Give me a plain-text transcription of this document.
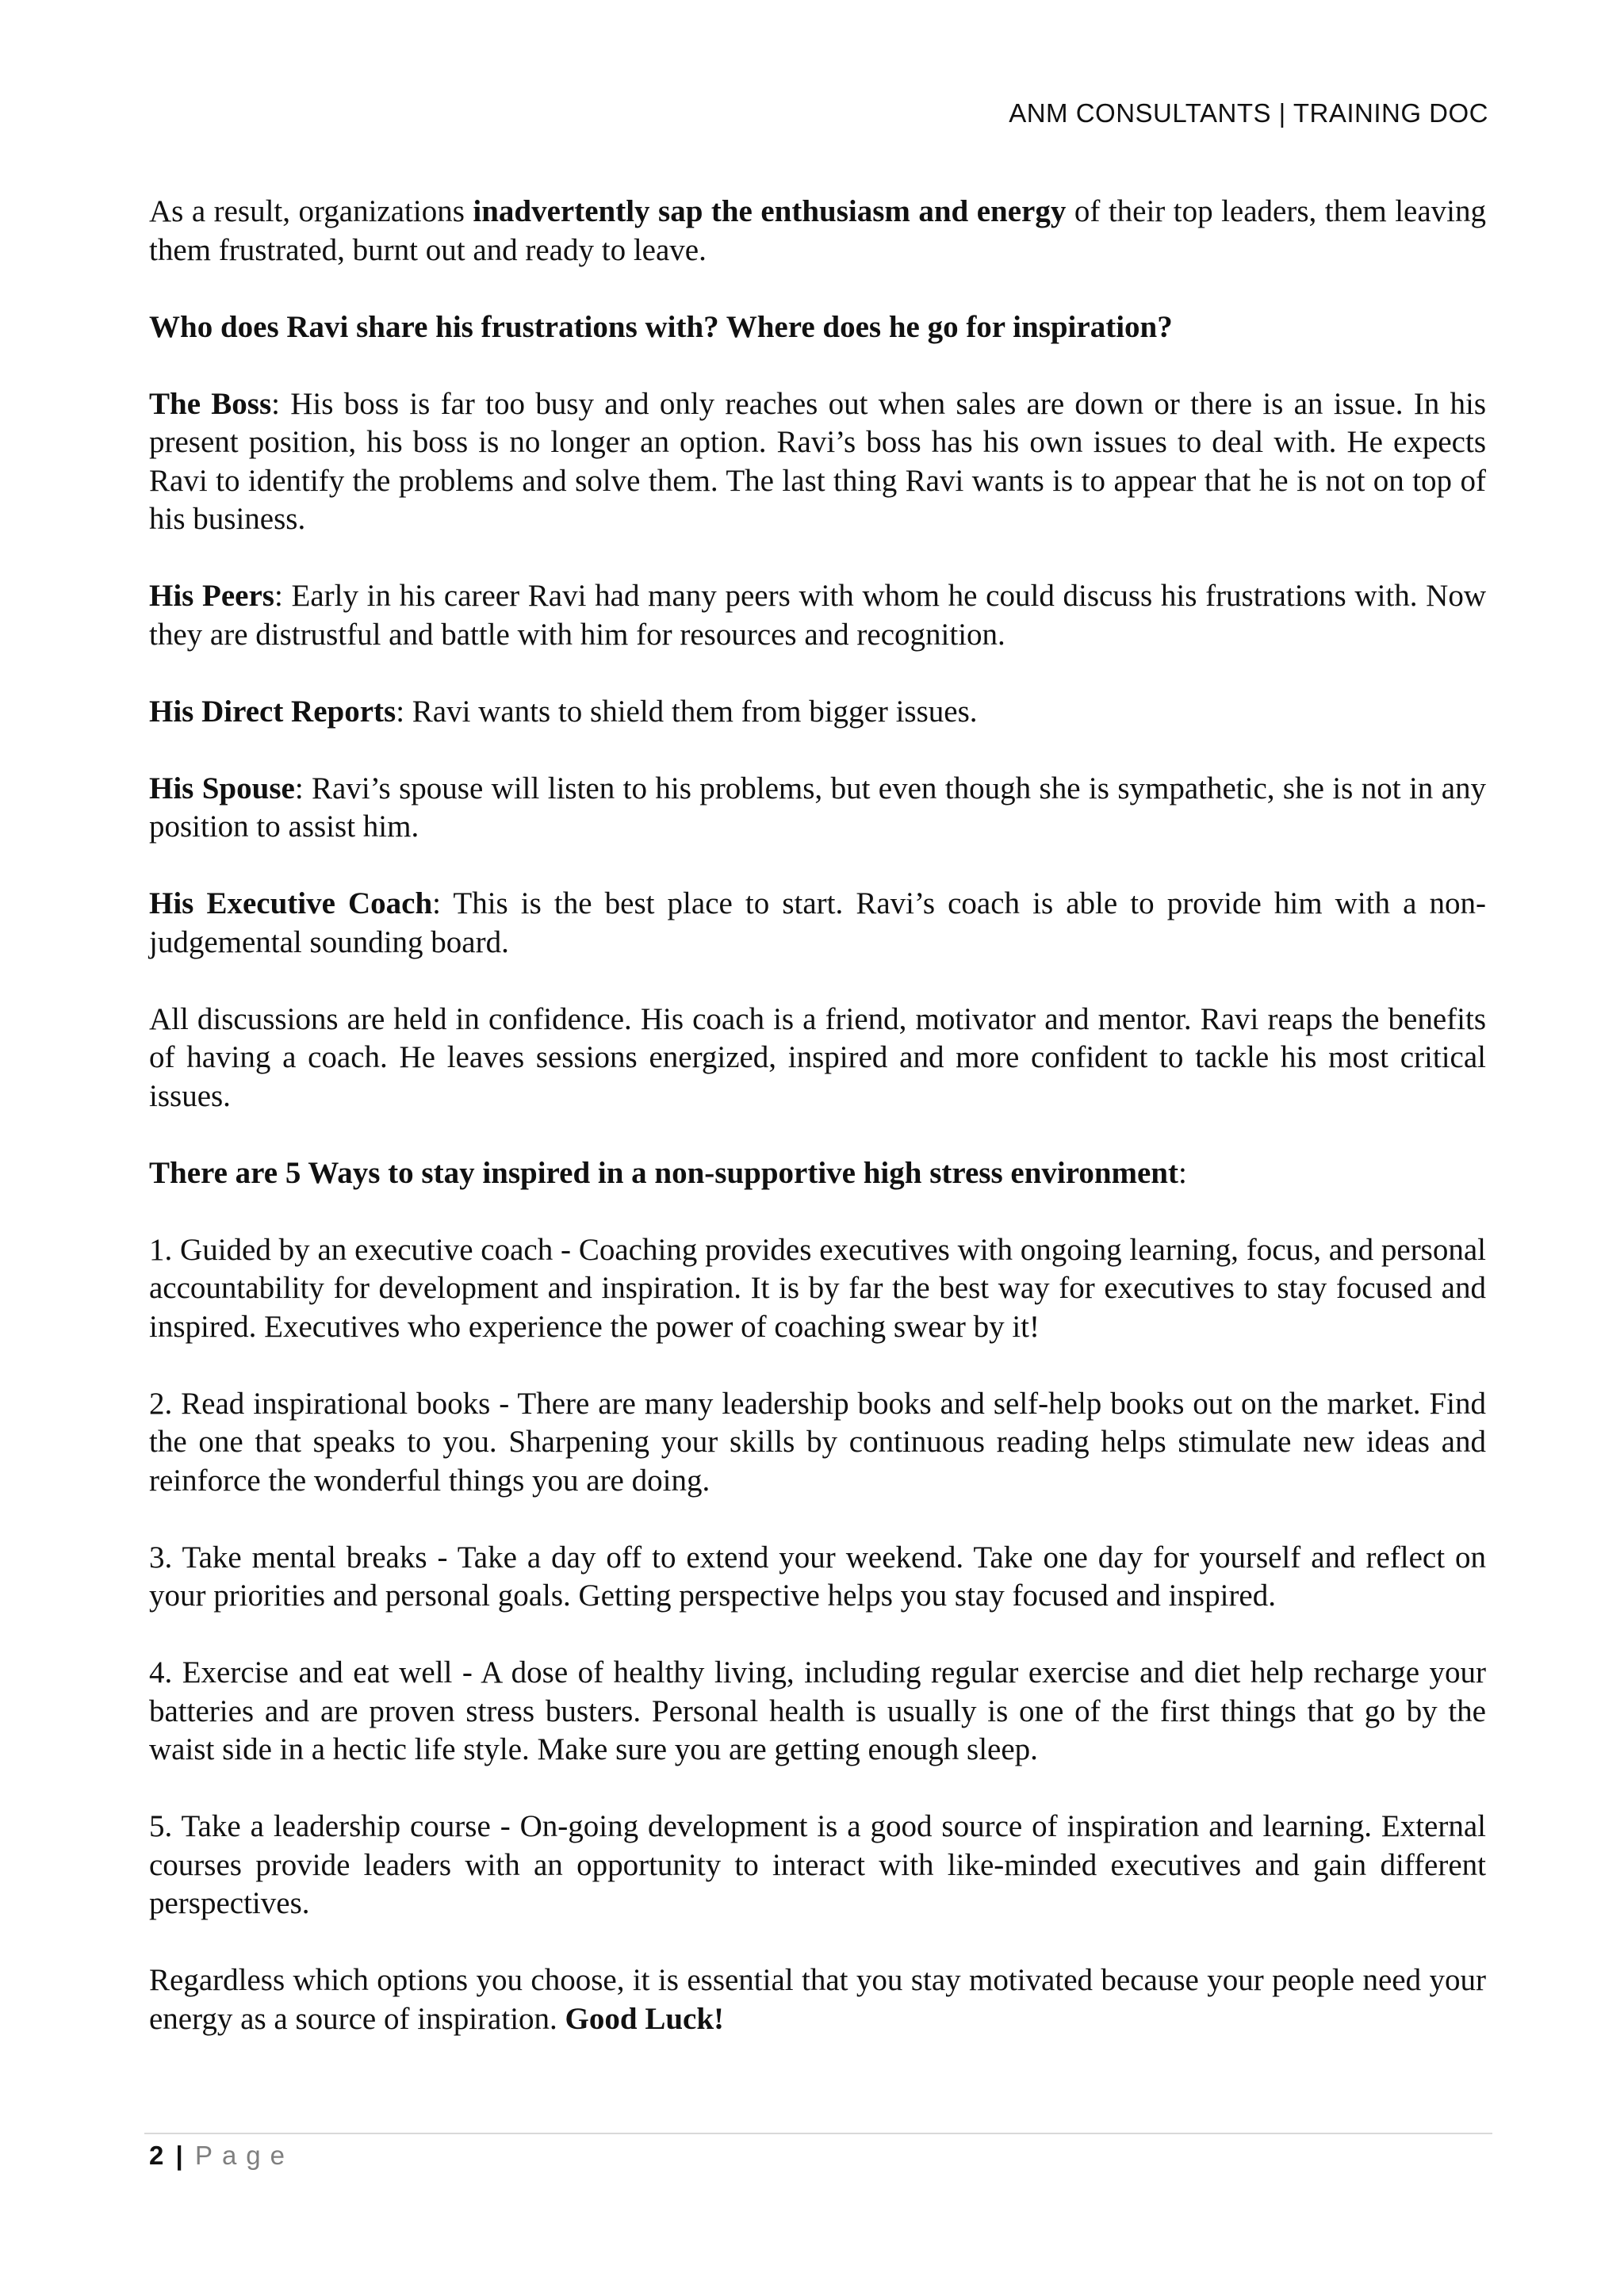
ANM CONSULTANTS | TRAINING DOC

As a result, organizations inadvertently sap the enthusiasm and energy of their top leaders, them leaving them frustrated, burnt out and ready to leave.

Who does Ravi share his frustrations with? Where does he go for inspiration?

The Boss: His boss is far too busy and only reaches out when sales are down or there is an issue. In his present position, his boss is no longer an option. Ravi’s boss has his own issues to deal with. He expects Ravi to identify the problems and solve them. The last thing Ravi wants is to appear that he is not on top of his business.

His Peers: Early in his career Ravi had many peers with whom he could discuss his frustrations with. Now they are distrustful and battle with him for resources and recognition.

His Direct Reports: Ravi wants to shield them from bigger issues.

His Spouse: Ravi’s spouse will listen to his problems, but even though she is sympathetic, she is not in any position to assist him.

His Executive Coach: This is the best place to start. Ravi’s coach is able to provide him with a non-judgemental sounding board.

All discussions are held in confidence. His coach is a friend, motivator and mentor. Ravi reaps the benefits of having a coach. He leaves sessions energized, inspired and more confident to tackle his most critical issues.

There are 5 Ways to stay inspired in a non-supportive high stress environment:

1. Guided by an executive coach - Coaching provides executives with ongoing learning, focus, and personal accountability for development and inspiration. It is by far the best way for executives to stay focused and inspired. Executives who experience the power of coaching swear by it!

2. Read inspirational books - There are many leadership books and self-help books out on the market. Find the one that speaks to you. Sharpening your skills by continuous reading helps stimulate new ideas and reinforce the wonderful things you are doing.

3. Take mental breaks - Take a day off to extend your weekend. Take one day for yourself and reflect on your priorities and personal goals. Getting perspective helps you stay focused and inspired.

4. Exercise and eat well - A dose of healthy living, including regular exercise and diet help recharge your batteries and are proven stress busters. Personal health is usually is one of the first things that go by the waist side in a hectic life style. Make sure you are getting enough sleep.

5. Take a leadership course - On-going development is a good source of inspiration and learning. External courses provide leaders with an opportunity to interact with like-minded executives and gain different perspectives.

Regardless which options you choose, it is essential that you stay motivated because your people need your energy as a source of inspiration. Good Luck!

2 | Page
